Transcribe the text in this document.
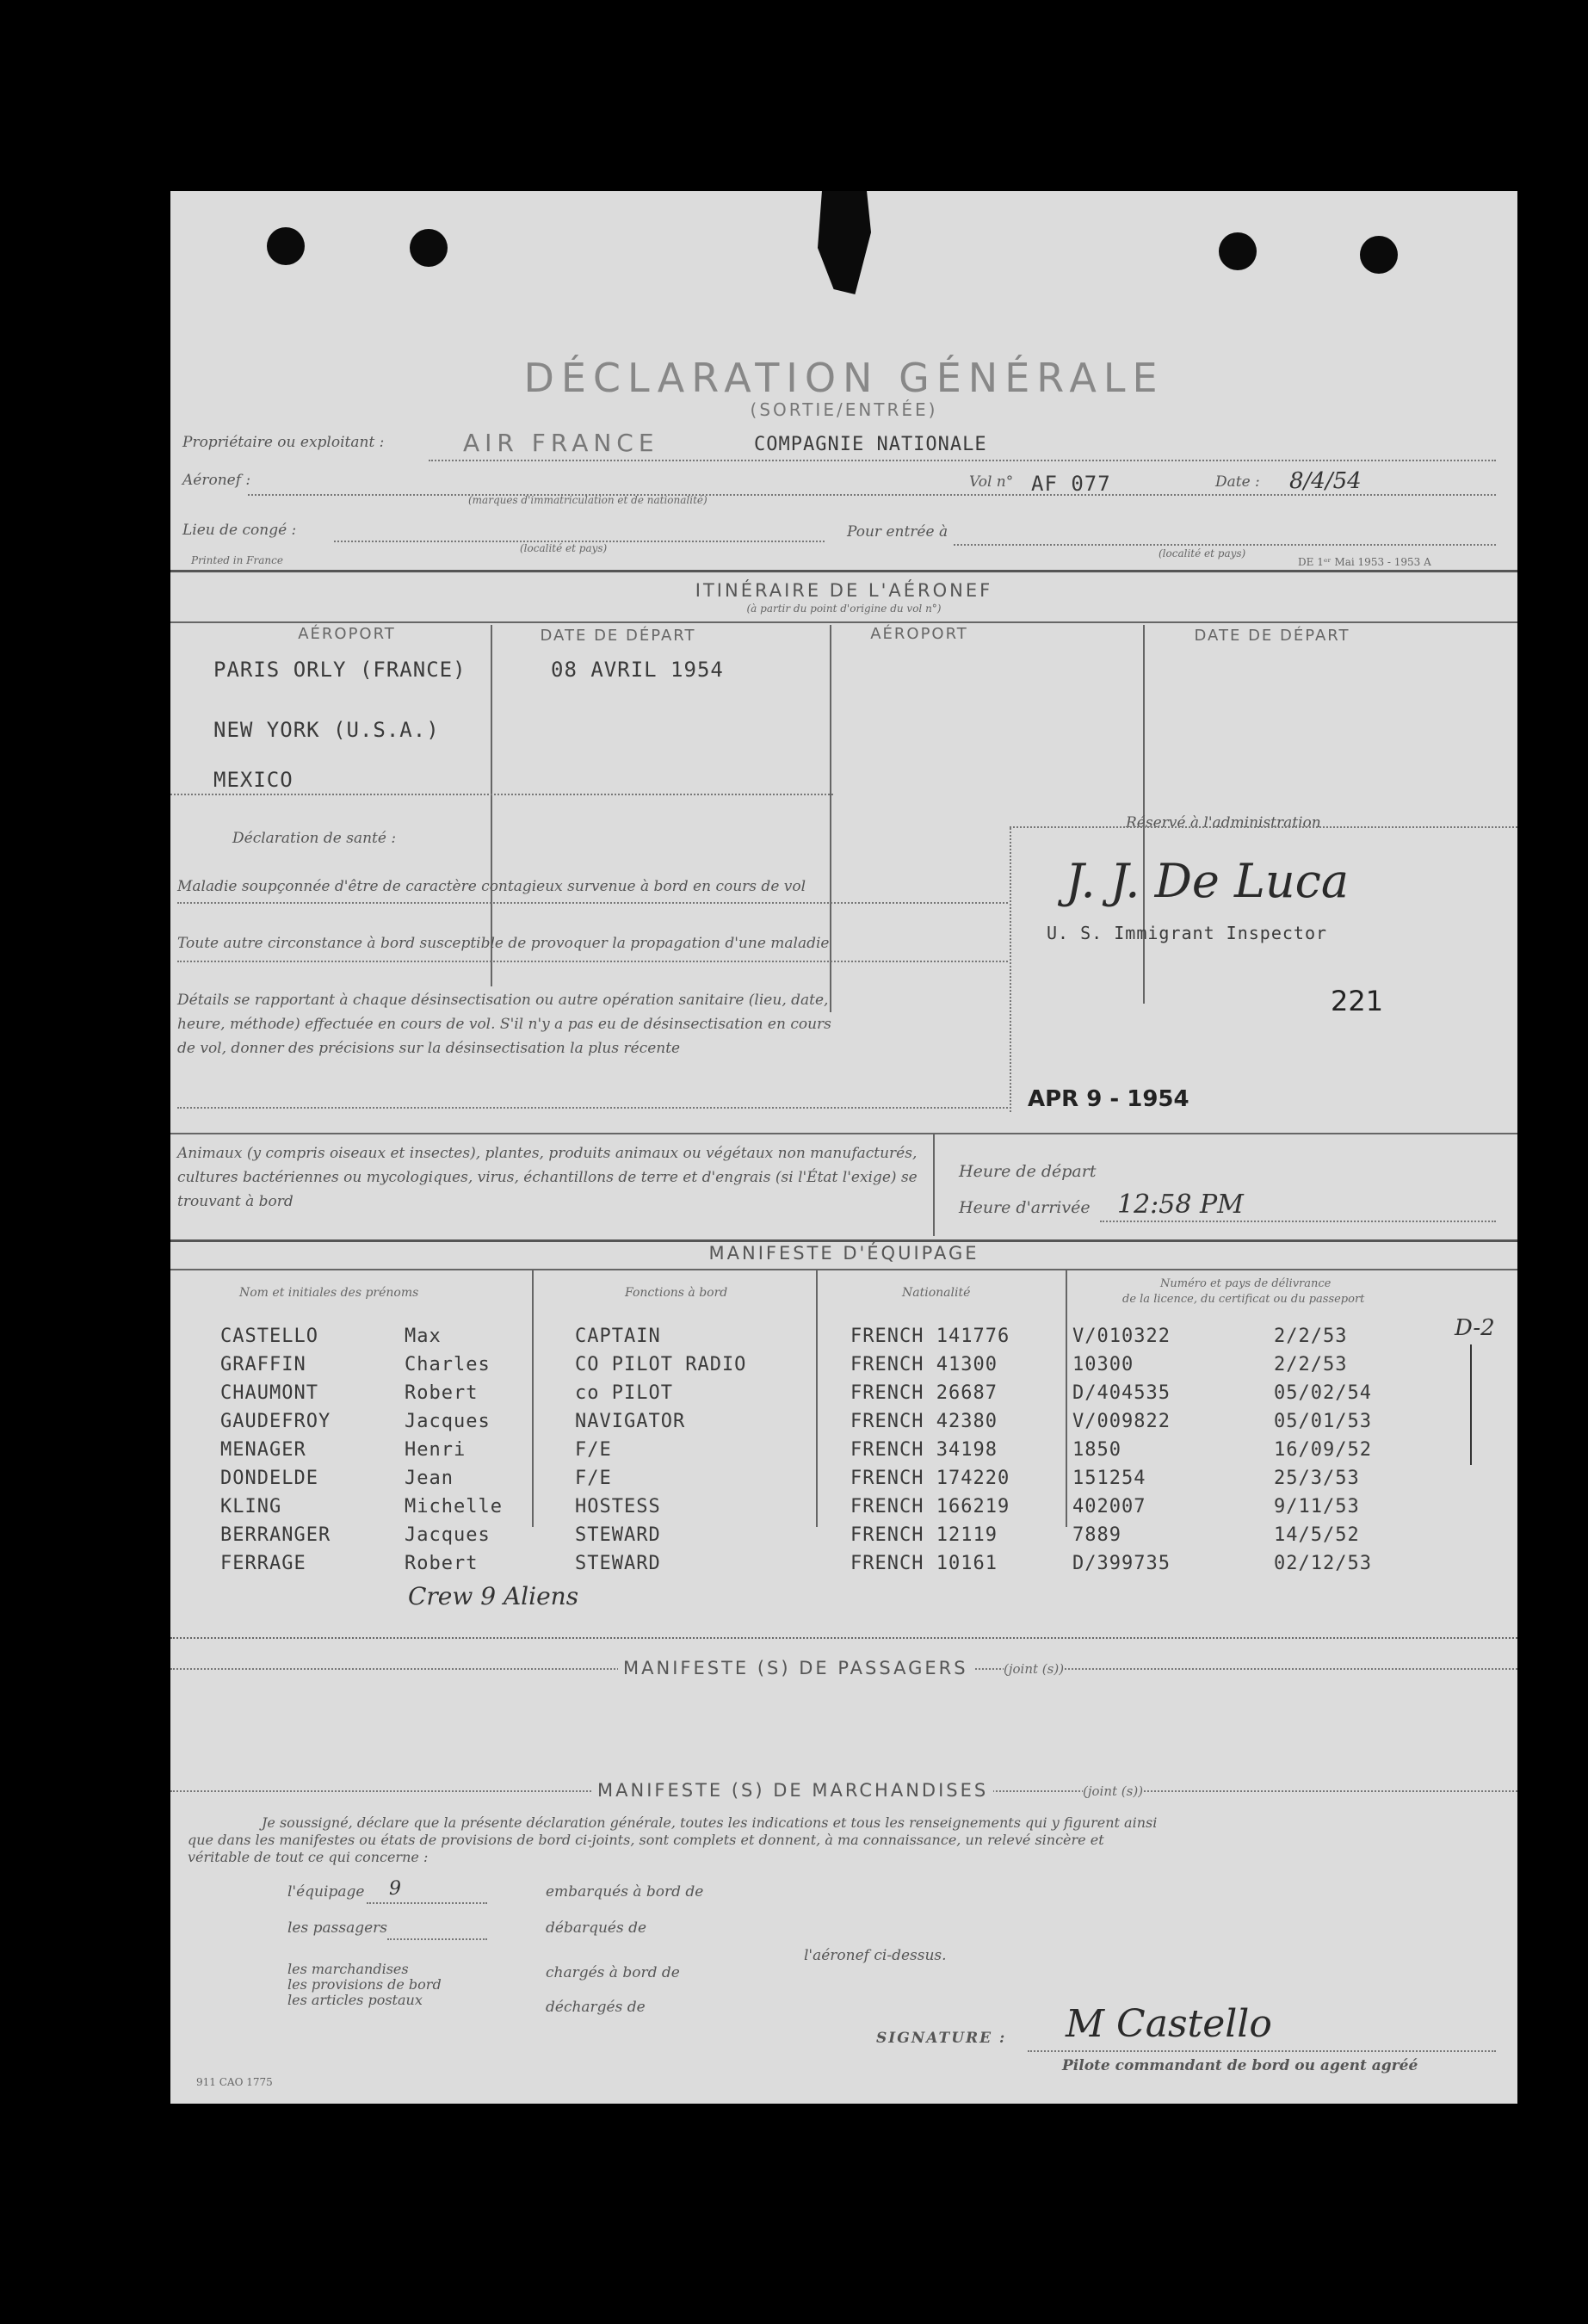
DÉCLARATION GÉNÉRALE
(SORTIE/ENTRÉE)
Propriétaire ou exploitant :	AIR FRANCE	COMPAGNIE NATIONALE
Aéronef :
(marques d'immatriculation et de nationalité)
Vol n° AF 077	Date : 8/4/54
Lieu de congé :
(localité et pays)
Pour entrée à
(localité et pays)
Printed in France	DE 1ᵉʳ Mai 1953 - 1953 A
ITINÉRAIRE DE L'AÉRONEF
(à partir du point d'origine du vol n°)
AÉROPORT	DATE DE DÉPART	AÉROPORT	DATE DE DÉPART
PARIS ORLY (FRANCE)	08 AVRIL 1954
NEW YORK (U.S.A.)
MEXICO
Réservé à l'administration
J. J. De Luca
U. S. Immigrant Inspector
221
APR 9 - 1954
Déclaration de santé :
Maladie soupçonnée d'être de caractère contagieux survenue à bord en cours de vol
Toute autre circonstance à bord susceptible de provoquer la propagation d'une maladie
Détails se rapportant à chaque désinsectisation ou autre opération sanitaire (lieu, date,
heure, méthode) effectuée en cours de vol. S'il n'y a pas eu de désinsectisation en cours
de vol, donner des précisions sur la désinsectisation la plus récente
Animaux (y compris oiseaux et insectes), plantes, produits animaux ou végétaux non manufacturés,
cultures bactériennes ou mycologiques, virus, échantillons de terre et d'engrais (si l'État l'exige) se
trouvant à bord
Heure de départ
Heure d'arrivée 12:58 PM
MANIFESTE D'ÉQUIPAGE
Nom et initiales des prénoms	Fonctions à bord	Nationalité
Numéro et pays de délivrance
de la licence, du certificat ou du passeport
CASTELLO	Max	CAPTAIN	FRENCH 141776	V/010322	2/2/53
GRAFFIN	Charles	CO PILOT RADIO	FRENCH 41300	10300	2/2/53
CHAUMONT	Robert	co PILOT	FRENCH 26687	D/404535	05/02/54
GAUDEFROY	Jacques	NAVIGATOR	FRENCH 42380	V/009822	05/01/53
MENAGER	Henri	F/E	FRENCH 34198	1850	16/09/52
DONDELDE	Jean	F/E	FRENCH 174220	151254	25/3/53
KLING	Michelle	HOSTESS	FRENCH 166219	402007	9/11/53
BERRANGER	Jacques	STEWARD	FRENCH 12119	7889	14/5/52
FERRAGE	Robert	STEWARD	FRENCH 10161	D/399735	02/12/53
D-2
Crew 9 Aliens
MANIFESTE (S) DE PASSAGERS	(joint (s))
MANIFESTE (S) DE MARCHANDISES	(joint (s))
Je soussigné, déclare que la présente déclaration générale, toutes les indications et tous les renseignements qui y figurent ainsi
que dans les manifestes ou états de provisions de bord ci-joints, sont complets et donnent, à ma connaissance, un relevé sincère et
véritable de tout ce qui concerne :
l'équipage 9
les passagers
les marchandises
les provisions de bord
les articles postaux
embarqués à bord de
débarqués de
chargés à bord de
déchargés de
l'aéronef ci-dessus.
SIGNATURE : M Castello
Pilote commandant de bord ou agent agréé
911 CAO 1775
